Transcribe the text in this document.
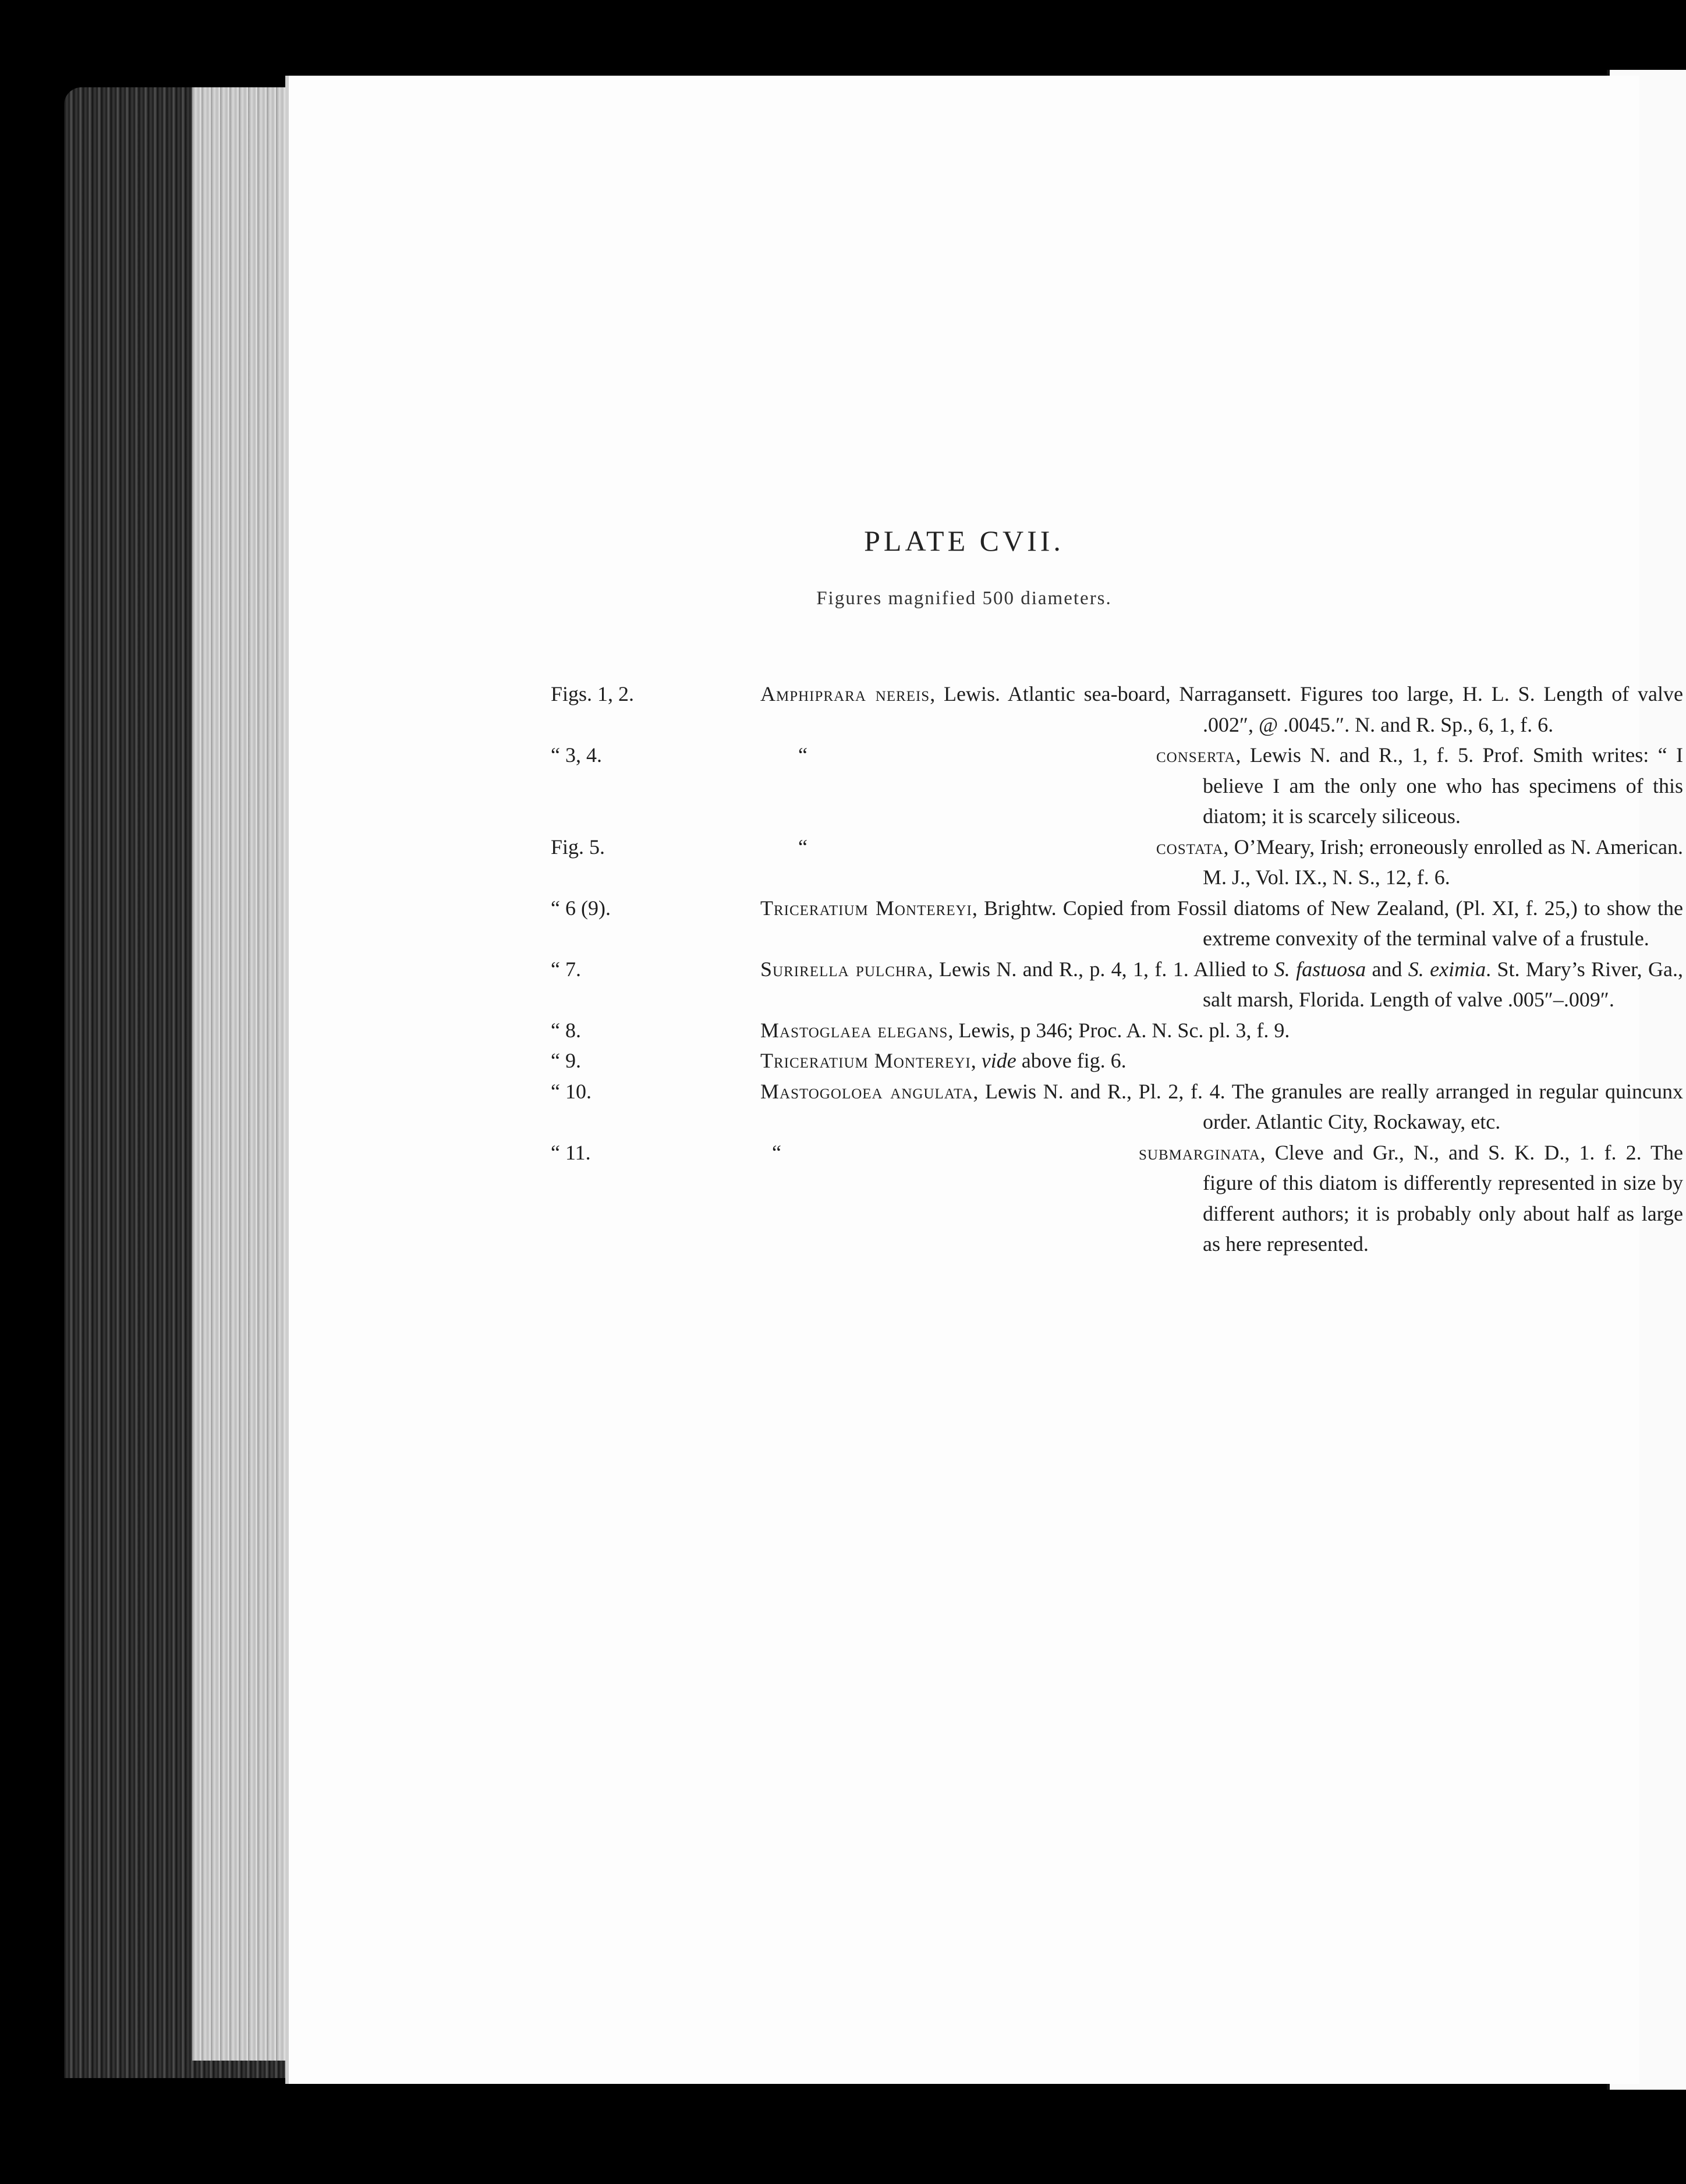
PLATE CVII.
Figures magnified 500 diameters.
Figs. 1, 2.	Amphiprara nereis, Lewis. Atlantic sea-board, Narragansett. Figures too large, H. L. S. Length of valve .002″, @ .0045.″. N. and R. Sp., 6, 1, f. 6.
“ 3, 4.	“	conserta, Lewis N. and R., 1, f. 5. Prof. Smith writes: “ I believe I am the only one who has specimens of this diatom; it is scarcely siliceous.
Fig. 5.	“	costata, O’Meary, Irish; erroneously enrolled as N. American. M. J., Vol. IX., N. S., 12, f. 6.
“ 6 (9).	Triceratium Montereyi, Brightw. Copied from Fossil diatoms of New Zealand, (Pl. XI, f. 25,) to show the extreme convexity of the terminal valve of a frustule.
“ 7.	Surirella pulchra, Lewis N. and R., p. 4, 1, f. 1. Allied to S. fastuosa and S. eximia. St. Mary’s River, Ga., salt marsh, Florida. Length of valve .005″–.009″.
“ 8.	Mastoglaea elegans, Lewis, p 346; Proc. A. N. Sc. pl. 3, f. 9.
“ 9.	Triceratium Montereyi, vide above fig. 6.
“ 10.	Mastogoloea angulata, Lewis N. and R., Pl. 2, f. 4. The granules are really arranged in regular quincunx order. Atlantic City, Rockaway, etc.
“ 11.	“	submarginata, Cleve and Gr., N., and S. K. D., 1. f. 2. The figure of this diatom is differently represented in size by different authors; it is probably only about half as large as here represented.
